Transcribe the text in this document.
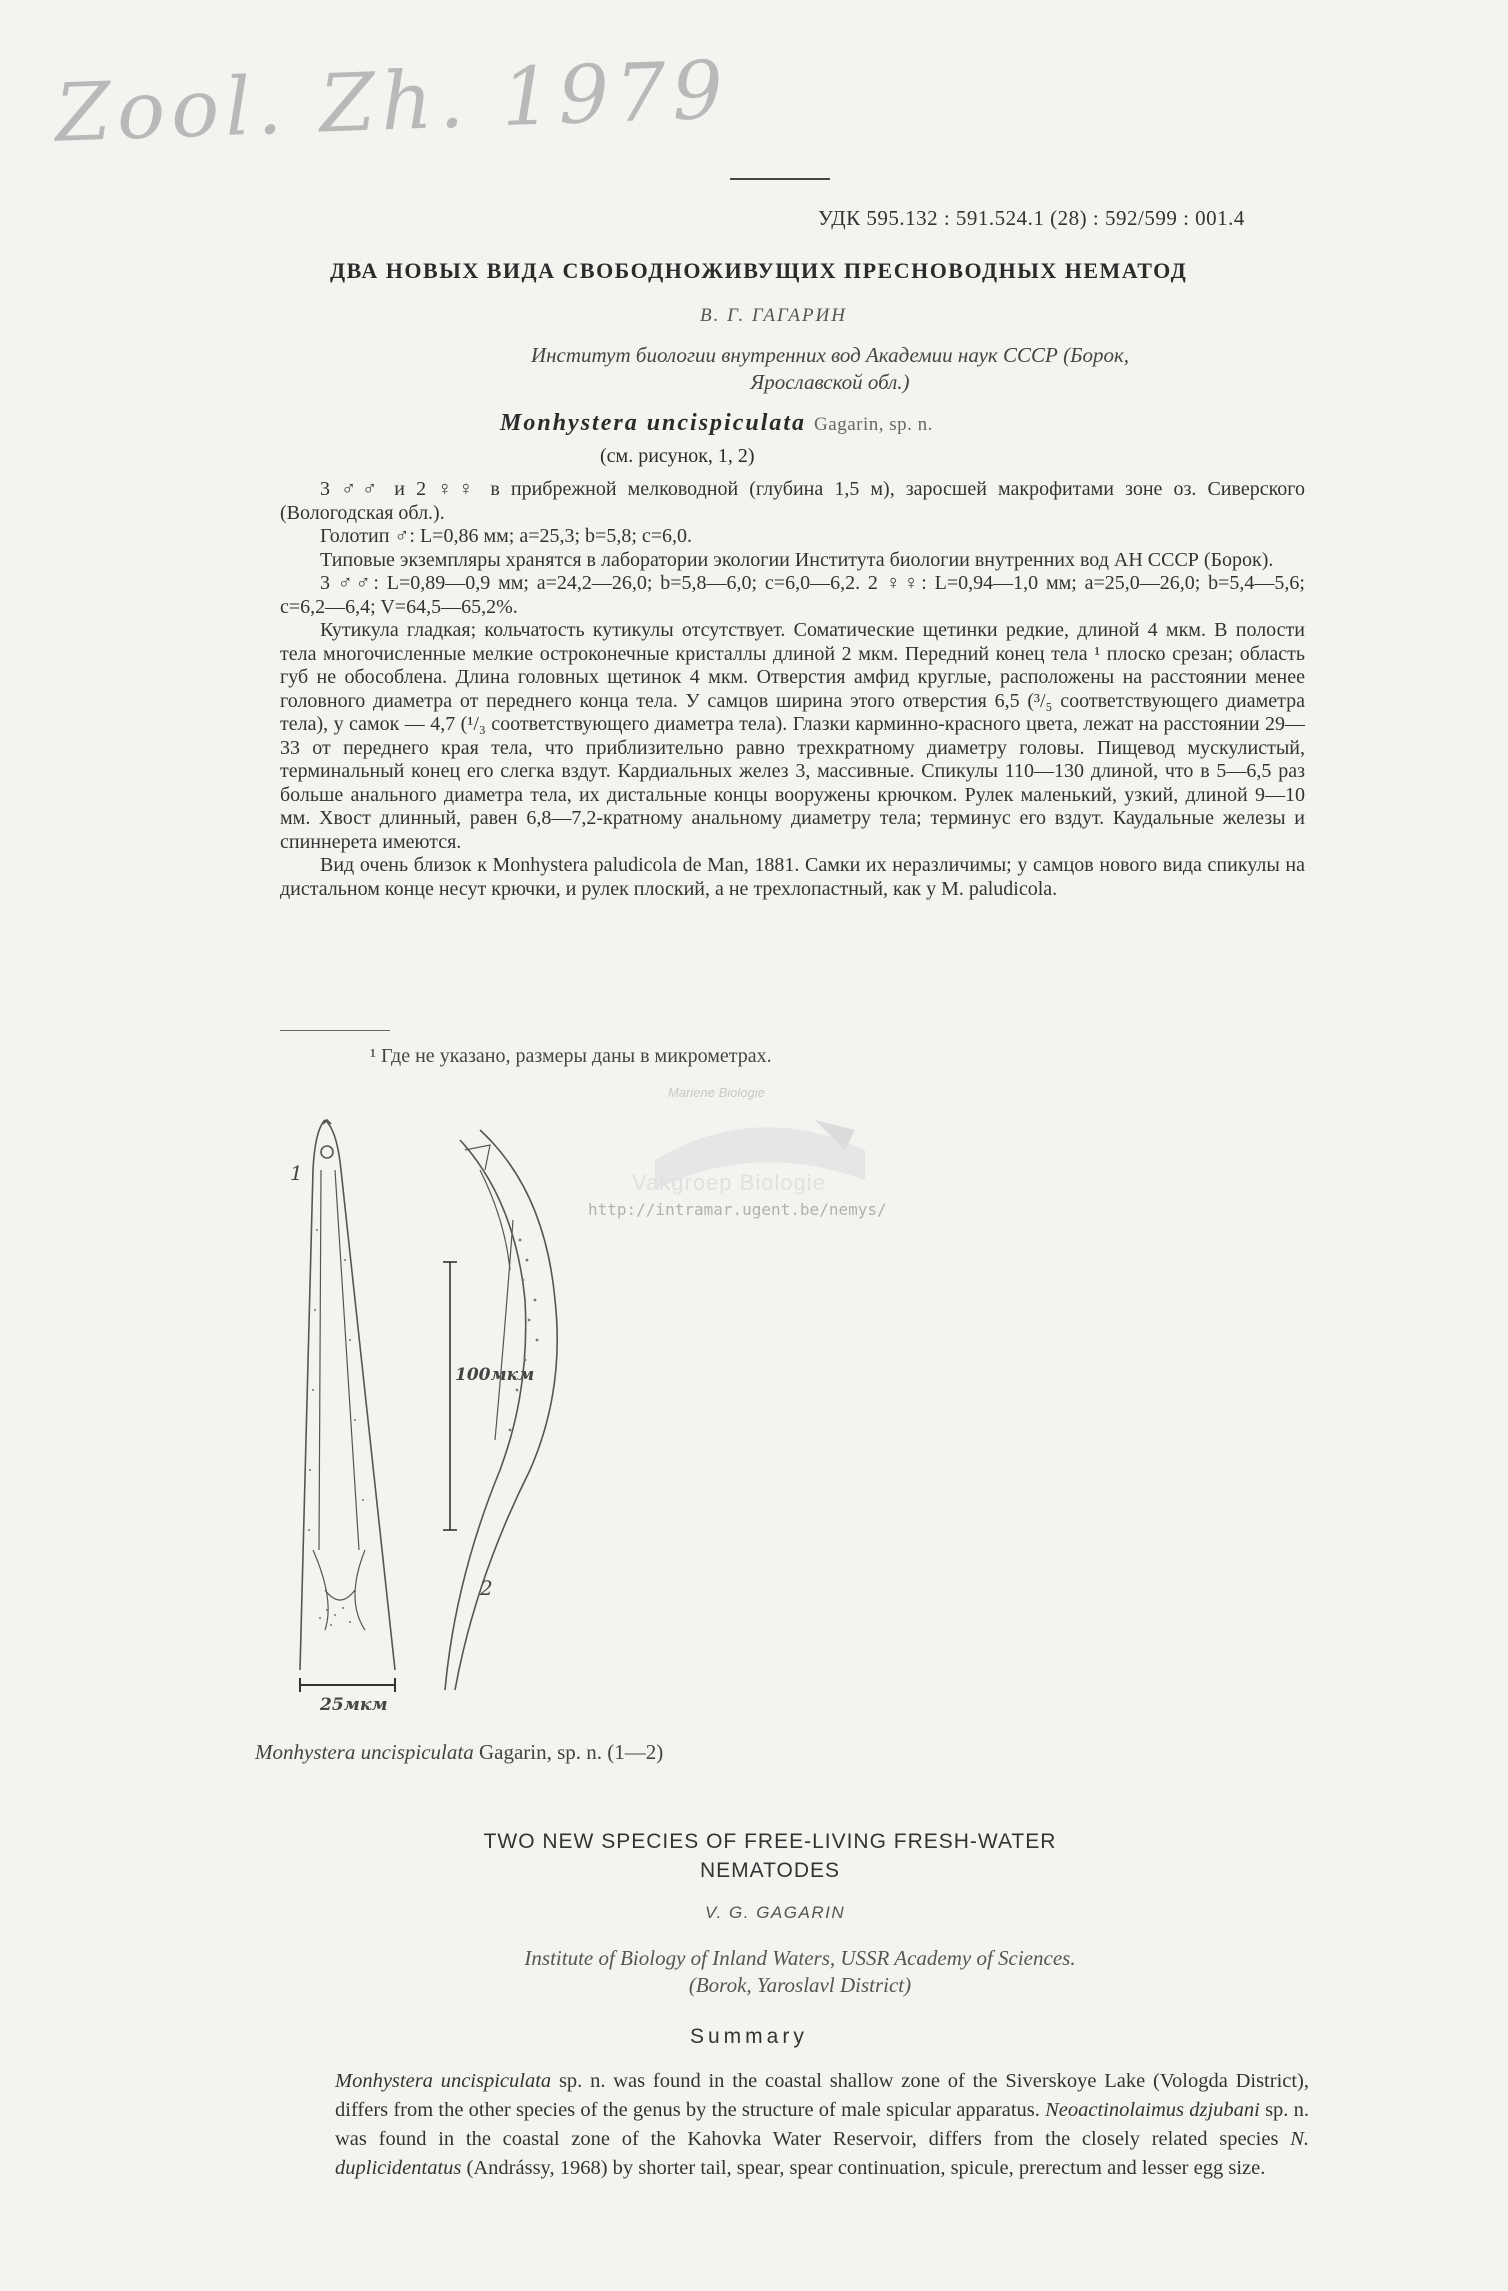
Zool. Zh. 1979
УДК 595.132 : 591.524.1 (28) : 592/599 : 001.4
ДВА НОВЫХ ВИДА СВОБОДНОЖИВУЩИХ ПРЕСНОВОДНЫХ НЕМАТОД
В. Г. ГАГАРИН
Институт биологии внутренних вод Академии наук СССР (Борок,
Ярославской обл.)
Monhystera uncispiculata Gagarin, sp. n.
(см. рисунок, 1, 2)

3 ♂♂ и 2 ♀♀ в прибрежной мелководной (глубина 1,5 м), заросшей макрофитами зоне оз. Сиверского (Вологодская обл.).

Голотип ♂: L=0,86 мм; a=25,3; b=5,8; c=6,0.

Типовые экземпляры хранятся в лаборатории экологии Института биологии внутренних вод АН СССР (Борок).

3 ♂♂: L=0,89—0,9 мм; a=24,2—26,0; b=5,8—6,0; c=6,0—6,2. 2 ♀♀: L=0,94—1,0 мм; a=25,0—26,0; b=5,4—5,6; c=6,2—6,4; V=64,5—65,2%.

Кутикула гладкая; кольчатость кутикулы отсутствует. Соматические щетинки редкие, длиной 4 мкм. В полости тела многочисленные мелкие остроконечные кристаллы длиной 2 мкм. Передний конец тела ¹ плоско срезан; область губ не обособлена. Длина головных щетинок 4 мкм. Отверстия амфид круглые, расположены на расстоянии менее головного диаметра от переднего конца тела. У самцов ширина этого отверстия 6,5 (³/₅ соответствующего диаметра тела), у самок — 4,7 (¹/₃ соответствующего диаметра тела). Глазки карминно-красного цвета, лежат на расстоянии 29—33 от переднего края тела, что приблизительно равно трехкратному диаметру головы. Пищевод мускулистый, терминальный конец его слегка вздут. Кардиальных желез 3, массивные. Спикулы 110—130 длиной, что в 5—6,5 раз больше анального диаметра тела, их дистальные концы вооружены крючком. Рулек маленький, узкий, длиной 9—10 мм. Хвост длинный, равен 6,8—7,2-кратному анальному диаметру тела; терминус его вздут. Каудальные железы и спиннерета имеются.

Вид очень близок к Monhystera paludicola de Man, 1881. Самки их неразличимы; у самцов нового вида спикулы на дистальном конце несут крючки, и рулек плоский, а не трехлопастный, как у M. paludicola.

¹ Где не указано, размеры даны в микрометрах.
Mariene Biologie
Vakgroep Biologie
http://intramar.ugent.be/nemys/
1
25мкм
100мкм
2
Monhystera uncispiculata Gagarin, sp. n. (1—2)
TWO NEW SPECIES OF FREE-LIVING FRESH-WATER
NEMATODES
V. G. GAGARIN
Institute of Biology of Inland Waters, USSR Academy of Sciences.
(Borok, Yaroslavl District)
Summary

Monhystera uncispiculata sp. n. was found in the coastal shallow zone of the Siverskoye Lake (Vologda District), differs from the other species of the genus by the structure of male spicular apparatus. Neoactinolaimus dzjubani sp. n. was found in the coastal zone of the Kahovka Water Reservoir, differs from the closely related species N. duplicidentatus (Andrássy, 1968) by shorter tail, spear, spear continuation, spicule, prerectum and lesser egg size.
